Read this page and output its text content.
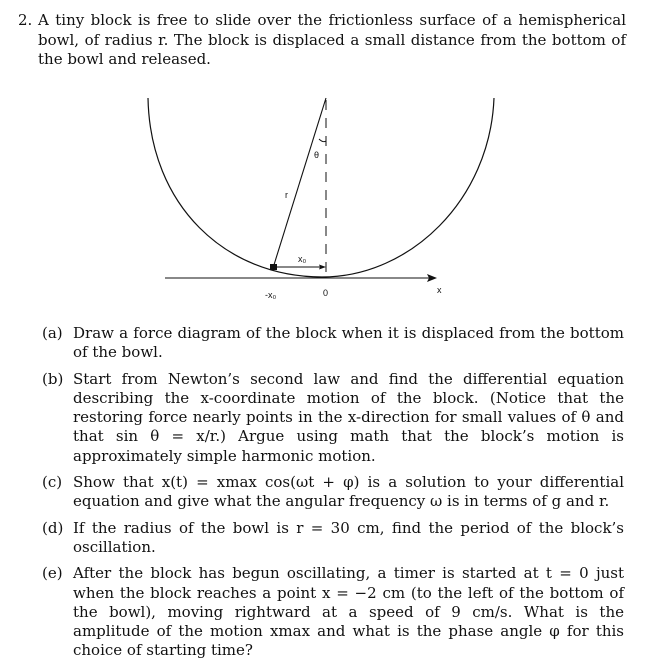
2. A tiny block is free to slide over the frictionless surface of a hemispherical bowl, of radius r. The block is displaced a small distance from the bottom of the bowl and released.
r
θ
x₀
-x₀	0	x
(a) Draw a force diagram of the block when it is displaced from the bottom of the bowl.
(b) Start from Newton’s second law and find the differential equation describing the x-coordinate motion of the block. (Notice that the restoring force nearly points in the x-direction for small values of θ and that sin θ = x/r.) Argue using math that the block’s motion is approximately simple harmonic motion.
(c) Show that x(t) = xmax cos(ωt + φ) is a solution to your differential equation and give what the angular frequency ω is in terms of g and r.
(d) If the radius of the bowl is r = 30 cm, find the period of the block’s oscillation.
(e) After the block has begun oscillating, a timer is started at t = 0 just when the block reaches a point x = −2 cm (to the left of the bottom of the bowl), moving rightward at a speed of 9 cm/s. What is the amplitude of the motion xmax and what is the phase angle φ for this choice of starting time?
